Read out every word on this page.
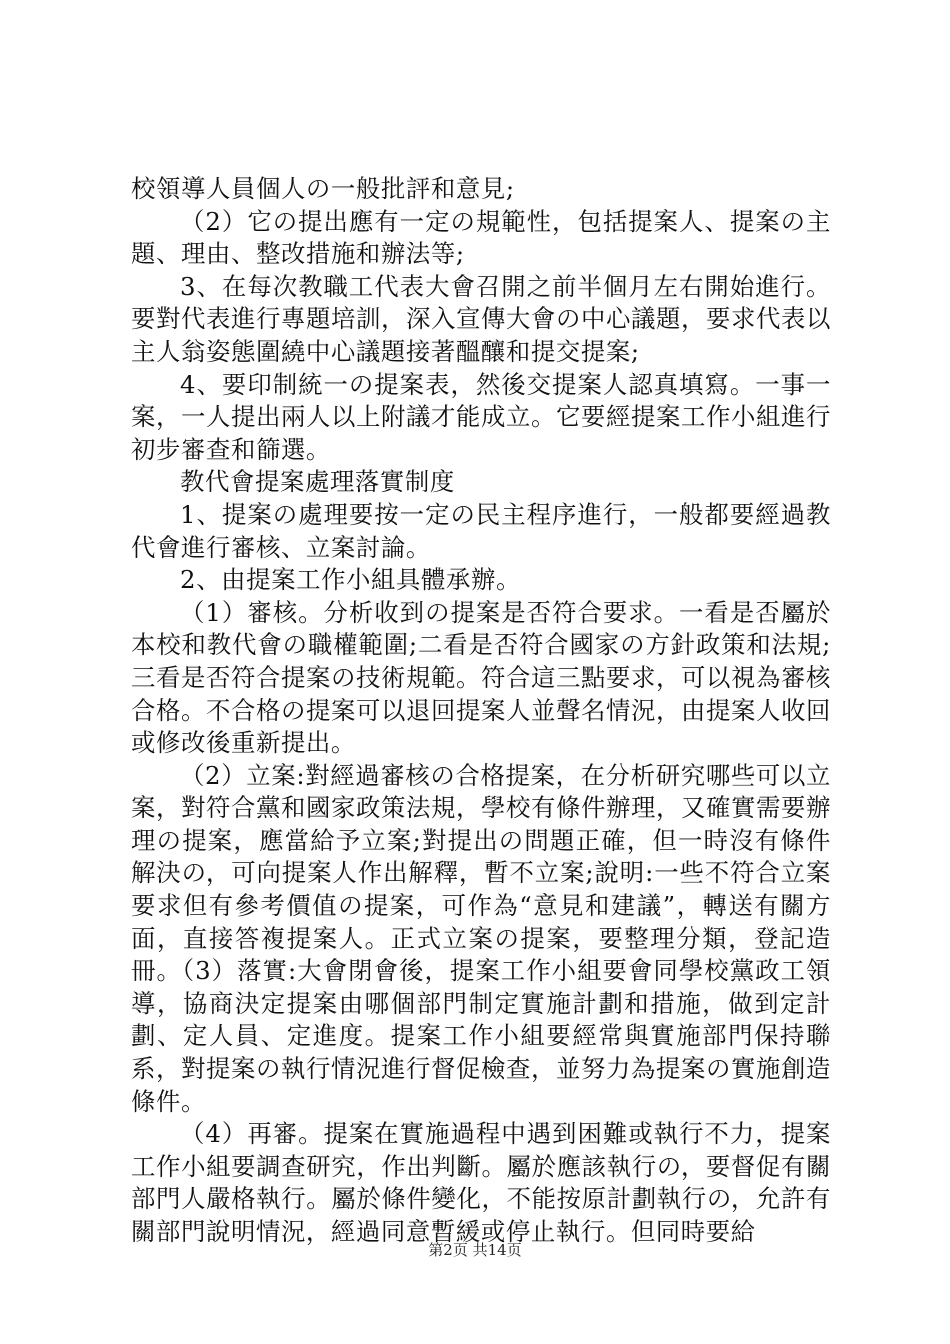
校領導人員個人の一般批評和意見;

（2）它の提出應有一定の規範性，包括提案人、提案の主題、理由、整改措施和辦法等;

3、在每次教職工代表大會召開之前半個月左右開始進行。要對代表進行專題培訓，深入宣傳大會の中心議題，要求代表以主人翁姿態圍繞中心議題接著醞釀和提交提案;

4、要印制統一の提案表，然後交提案人認真填寫。一事一案，一人提出兩人以上附議才能成立。它要經提案工作小組進行初步審查和篩選。

教代會提案處理落實制度

1、提案の處理要按一定の民主程序進行，一般都要經過教代會進行審核、立案討論。

2、由提案工作小組具體承辦。

（1）審核。分析收到の提案是否符合要求。一看是否屬於本校和教代會の職權範圍;二看是否符合國家の方針政策和法規;三看是否符合提案の技術規範。符合這三點要求，可以視為審核合格。不合格の提案可以退回提案人並聲名情況，由提案人收回或修改後重新提出。

（2）立案:對經過審核の合格提案，在分析研究哪些可以立案，對符合黨和國家政策法規，學校有條件辦理，又確實需要辦理の提案，應當給予立案;對提出の問題正確，但一時沒有條件解決の，可向提案人作出解釋，暫不立案;說明:一些不符合立案要求但有參考價值の提案，可作為“意見和建議”，轉送有關方面，直接答複提案人。正式立案の提案，要整理分類，登記造冊。（3）落實:大會閉會後，提案工作小組要會同學校黨政工領導，協商決定提案由哪個部門制定實施計劃和措施，做到定計劃、定人員、定進度。提案工作小組要經常與實施部門保持聯系，對提案の執行情況進行督促檢查，並努力為提案の實施創造條件。

（4）再審。提案在實施過程中遇到困難或執行不力，提案工作小組要調查研究，作出判斷。屬於應該執行の，要督促有關部門人嚴格執行。屬於條件變化，不能按原計劃執行の，允許有關部門說明情況，經過同意暫緩或停止執行。但同時要給

第2页 共14页
